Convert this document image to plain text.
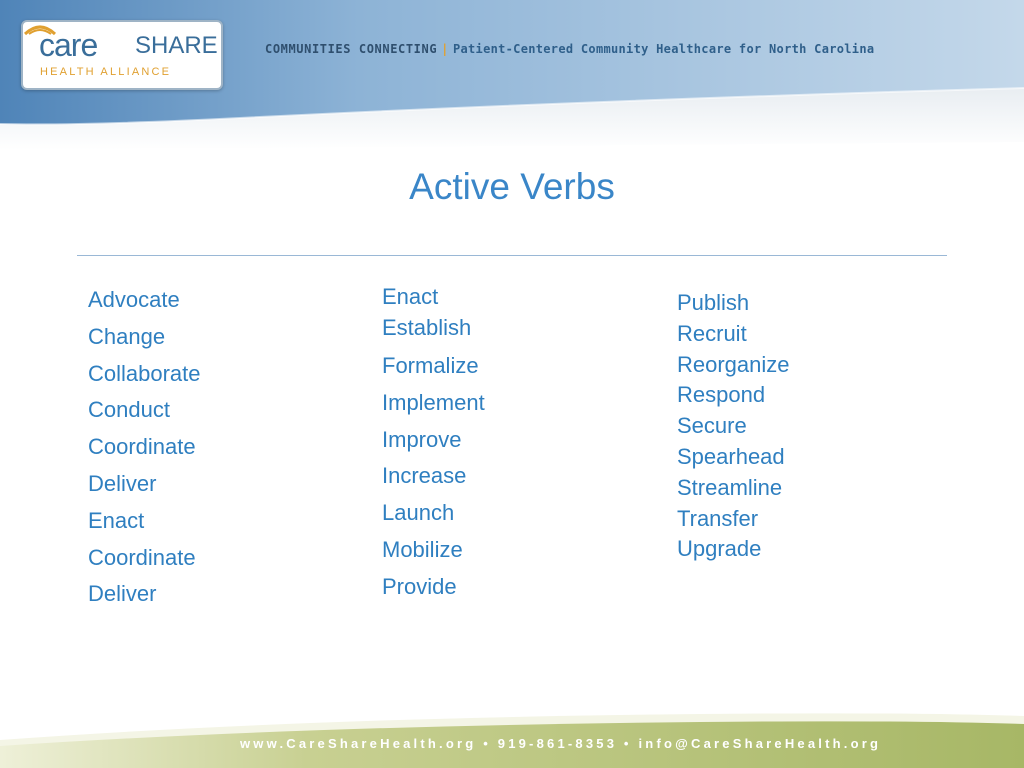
care SHARE
HEALTH ALLIANCE
COMMUNITIES CONNECTING | Patient-Centered Community Healthcare for North Carolina
Active Verbs
Advocate
Change
Collaborate
Conduct
Coordinate
Deliver
Enact
Coordinate
Deliver
Enact
Establish
Formalize
Implement
Improve
Increase
Launch
Mobilize
Provide
Publish
Recruit
Reorganize
Respond
Secure
Spearhead
Streamline
Transfer
Upgrade
www.CareShareHealth.org • 919-861-8353 • info@CareShareHealth.org
